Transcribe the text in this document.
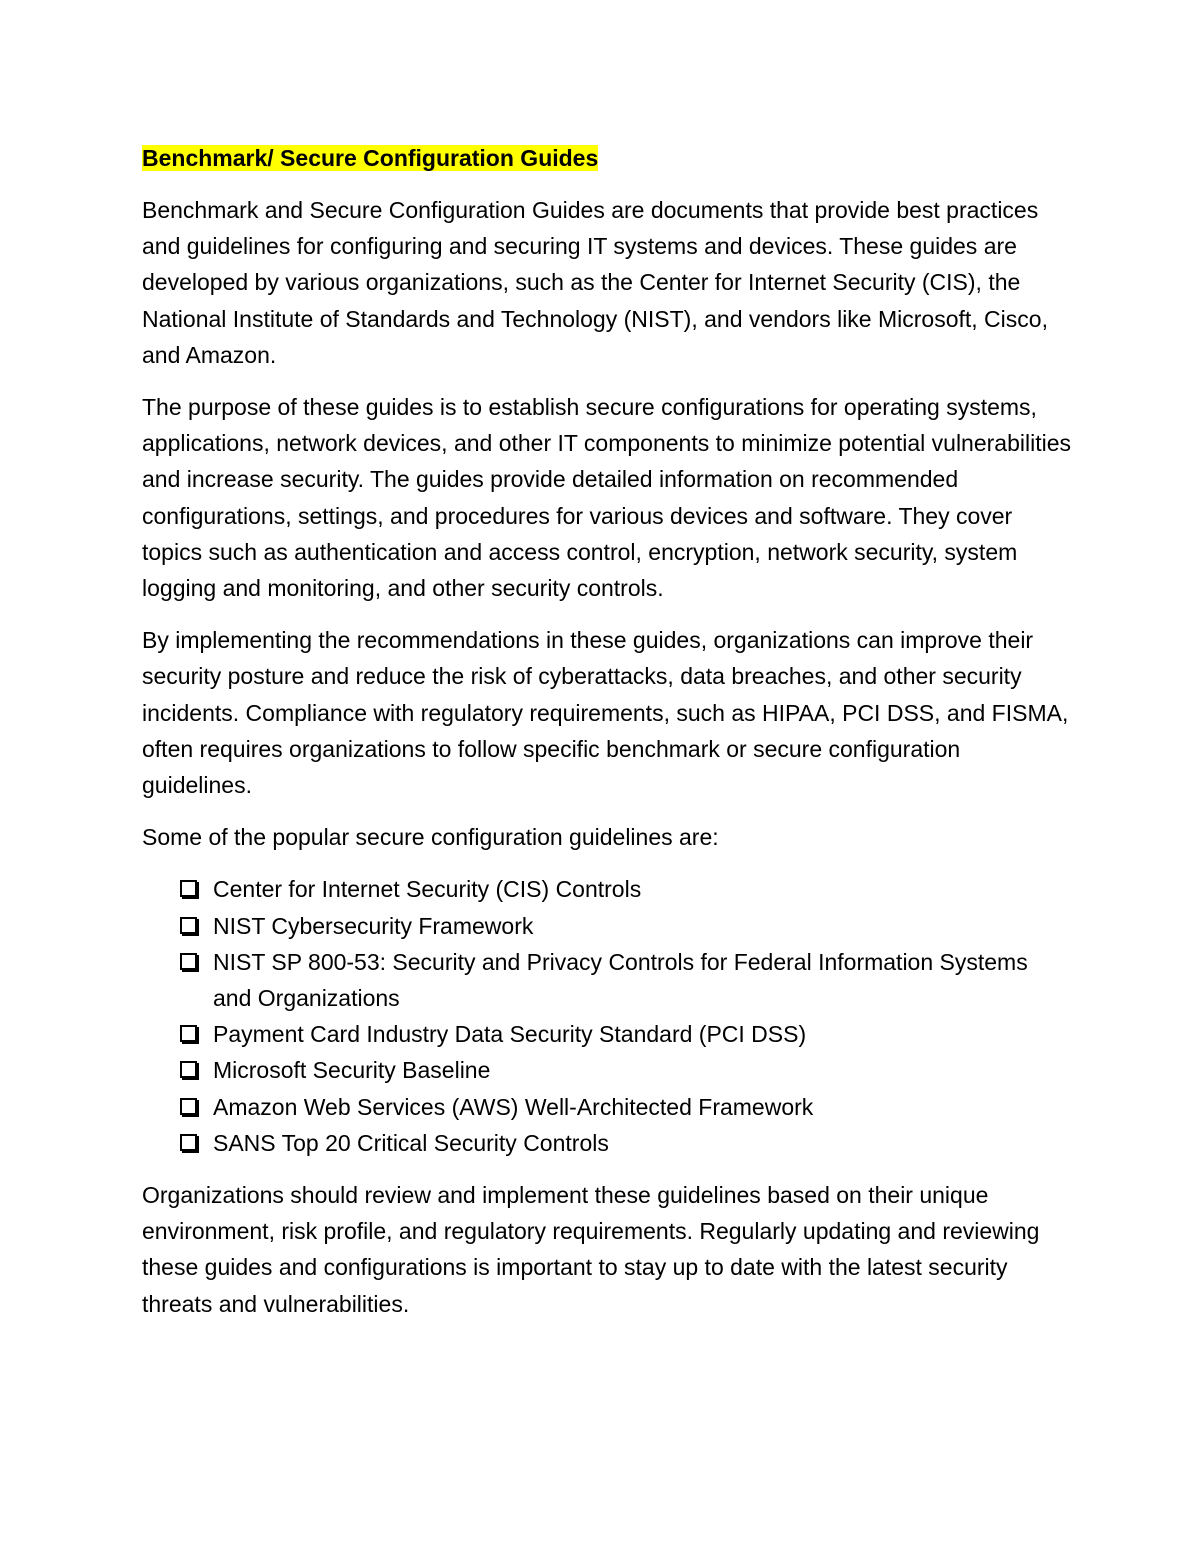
Benchmark/ Secure Configuration Guides

Benchmark and Secure Configuration Guides are documents that provide best practices and guidelines for configuring and securing IT systems and devices. These guides are developed by various organizations, such as the Center for Internet Security (CIS), the National Institute of Standards and Technology (NIST), and vendors like Microsoft, Cisco, and Amazon.

The purpose of these guides is to establish secure configurations for operating systems, applications, network devices, and other IT components to minimize potential vulnerabilities and increase security. The guides provide detailed information on recommended configurations, settings, and procedures for various devices and software. They cover topics such as authentication and access control, encryption, network security, system logging and monitoring, and other security controls.

By implementing the recommendations in these guides, organizations can improve their security posture and reduce the risk of cyberattacks, data breaches, and other security incidents. Compliance with regulatory requirements, such as HIPAA, PCI DSS, and FISMA, often requires organizations to follow specific benchmark or secure configuration guidelines.

Some of the popular secure configuration guidelines are:

Center for Internet Security (CIS) Controls
NIST Cybersecurity Framework
NIST SP 800-53: Security and Privacy Controls for Federal Information Systems and Organizations
Payment Card Industry Data Security Standard (PCI DSS)
Microsoft Security Baseline
Amazon Web Services (AWS) Well-Architected Framework
SANS Top 20 Critical Security Controls

Organizations should review and implement these guidelines based on their unique environment, risk profile, and regulatory requirements. Regularly updating and reviewing these guides and configurations is important to stay up to date with the latest security threats and vulnerabilities.
